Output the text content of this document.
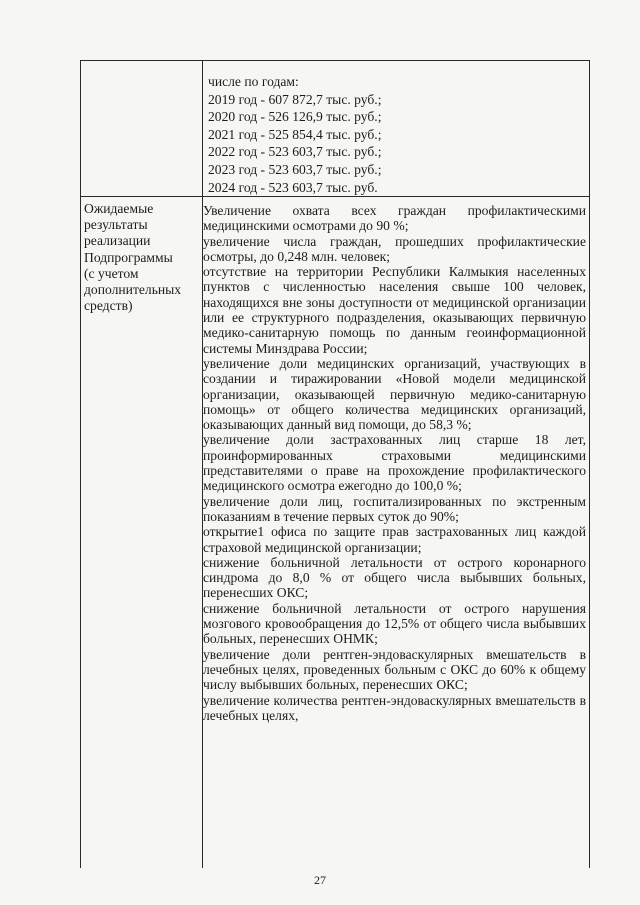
числе по годам:
2019 год - 607 872,7 тыс. руб.;
2020 год - 526 126,9 тыс. руб.;
2021 год - 525 854,4 тыс. руб.;
2022 год - 523 603,7 тыс. руб.;
2023 год - 523 603,7 тыс. руб.;
2024 год - 523 603,7 тыс. руб.
Ожидаемые
результаты
реализации
Подпрограммы
(с учетом
дополнительных
средств)
Увеличение охвата всех граждан профилактическими медицинскими осмотрами до 90 %;
увеличение числа граждан, прошедших профилактические осмотры, до 0,248 млн. человек;
отсутствие на территории Республики Калмыкия населенных пунктов с численностью населения свыше 100 человек, находящихся вне зоны доступности от медицинской организации или ее структурного подразделения, оказывающих первичную медико-санитарную помощь по данным геоинформационной системы Минздрава России;
увеличение доли медицинских организаций, участвующих в создании и тиражировании «Новой модели медицинской организации, оказывающей первичную медико-санитарную помощь» от общего количества медицинских организаций, оказывающих данный вид помощи, до 58,3 %;
увеличение доли застрахованных лиц старше 18 лет, проинформированных страховыми медицинскими представителями о праве на прохождение профилактического медицинского осмотра ежегодно до 100,0 %;
увеличение доли лиц, госпитализированных по экстренным показаниям в течение первых суток до 90%;
открытие1 офиса по защите прав застрахованных лиц каждой страховой медицинской организации;
снижение больничной летальности от острого коронарного синдрома до 8,0 % от общего числа выбывших больных, перенесших ОКС;
снижение больничной летальности от острого нарушения мозгового кровообращения до 12,5% от общего числа выбывших больных, перенесших ОНМК;
увеличение доли рентген-эндоваскулярных вмешательств в лечебных целях, проведенных больным с ОКС до 60% к общему числу выбывших больных, перенесших ОКС;
увеличение количества рентген-эндоваскулярных вмешательств в лечебных целях,
27
